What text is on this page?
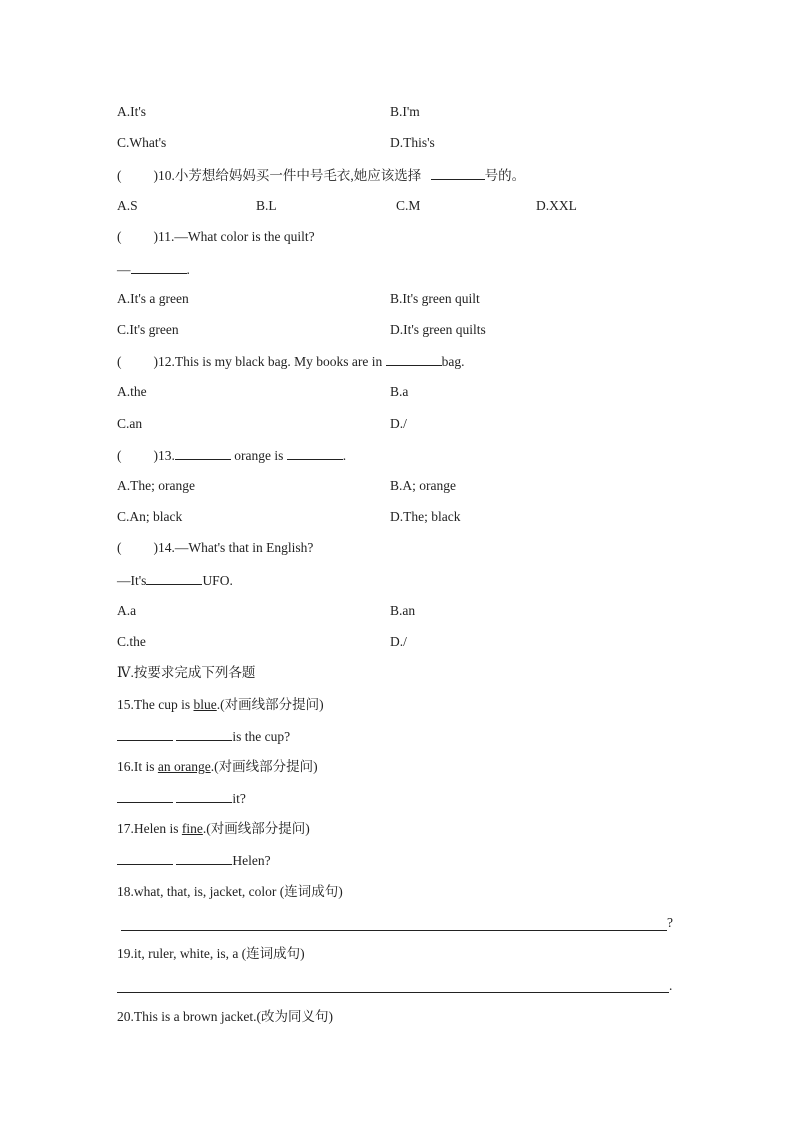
A.It's	B.I'm
C.What's	D.This's
( )10.小芳想给妈妈买一件中号毛衣,她应该选择	号的。
A.S	B.L	C.M	D.XXL
( )11.—What color is the quilt?
—	.
A.It's a green	B.It's green quilt
C.It's green	D.It's green quilts
( )12.This is my black bag. My books are in	bag.
A.the	B.a
C.an	D./
( )13.	orange is	.
A.The; orange	B.A; orange
C.An; black	D.The; black
( )14.—What's that in English?
—It's	UFO.
A.a	B.an
C.the	D./
Ⅳ.按要求完成下列各题
15.The cup is blue.(对画线部分提问)
is the cup?
16.It is an orange.(对画线部分提问)
it?
17.Helen is fine.(对画线部分提问)
Helen?
18.what, that, is, jacket, color (连词成句)
?
19.it, ruler, white, is, a (连词成句)
.
20.This is a brown jacket.(改为同义句)
